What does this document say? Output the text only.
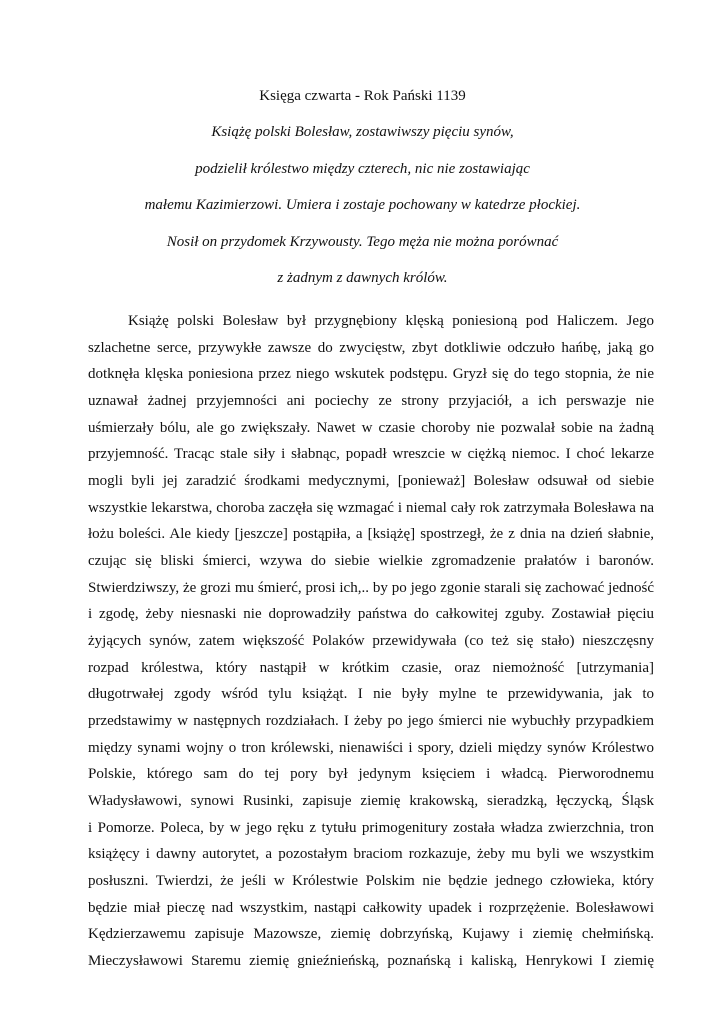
Księga czwarta - Rok Pański 1139
Książę polski Bolesław, zostawiwszy pięciu synów,
podzielił królestwo między czterech, nic nie zostawiając
małemu Kazimierzowi. Umiera i zostaje pochowany w katedrze płockiej.
Nosił on przydomek Krzywousty. Tego męża nie można porównać
z żadnym z dawnych królów.
Książę polski Bolesław był przygnębiony klęską poniesioną pod Haliczem. Jego
szlachetne serce, przywykłe zawsze do zwycięstw, zbyt dotkliwie odczuło hańbę, jaką go
dotknęła klęska poniesiona przez niego wskutek podstępu. Gryzł się do tego stopnia, że nie
uznawał żadnej przyjemności ani pociechy ze strony przyjaciół, a ich perswazje nie
uśmierzały bólu, ale go zwiększały. Nawet w czasie choroby nie pozwalał sobie na żadną
przyjemność. Tracąc stale siły i słabnąc, popadł wreszcie w ciężką niemoc. I choć lekarze
mogli byli jej zaradzić środkami medycznymi, [ponieważ] Bolesław odsuwał od siebie
wszystkie lekarstwa, choroba zaczęła się wzmagać i niemal cały rok zatrzymała Bolesława na
łożu boleści. Ale kiedy [jeszcze] postąpiła, a [książę] spostrzegł, że z dnia na dzień słabnie,
czując się bliski śmierci, wzywa do siebie wielkie zgromadzenie prałatów i baronów.
Stwierdziwszy, że grozi mu śmierć, prosi ich,.. by po jego zgonie starali się zachować jedność
i zgodę, żeby niesnaski nie doprowadziły państwa do całkowitej zguby. Zostawiał pięciu
żyjących synów, zatem większość Polaków przewidywała (co też się stało) nieszczęsny
rozpad królestwa, który nastąpił w krótkim czasie, oraz niemożność [utrzymania]
długotrwałej zgody wśród tylu książąt. I nie były mylne te przewidywania, jak to
przedstawimy w następnych rozdziałach. I żeby po jego śmierci nie wybuchły przypadkiem
między synami wojny o tron królewski, nienawiści i spory, dzieli między synów Królestwo
Polskie, którego sam do tej pory był jedynym księciem i władcą. Pierworodnemu
Władysławowi, synowi Rusinki, zapisuje ziemię krakowską, sieradzką, łęczycką, Śląsk
i Pomorze. Poleca, by w jego ręku z tytułu primogenitury została władza zwierzchnia, tron
książęcy i dawny autorytet, a pozostałym braciom rozkazuje, żeby mu byli we wszystkim
posłuszni. Twierdzi, że jeśli w Królestwie Polskim nie będzie jednego człowieka, który
będzie miał pieczę nad wszystkim, nastąpi całkowity upadek i rozprzężenie. Bolesławowi
Kędzierzawemu zapisuje Mazowsze, ziemię dobrzyńską, Kujawy i ziemię chełmińską.
Mieczysławowi Staremu ziemię gnieźnieńską, poznańską i kaliską, Henrykowi I ziemię
